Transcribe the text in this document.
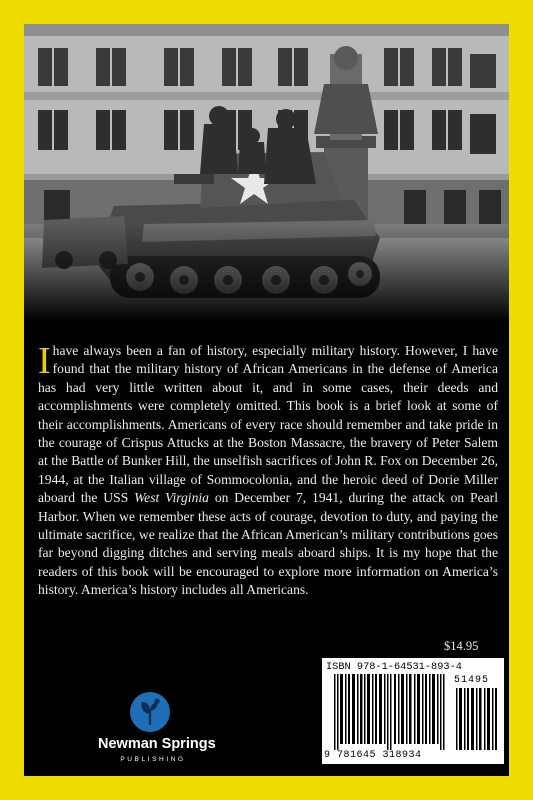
Ihave always been a fan of history, especially military history. However, I have found that the military history of African Americans in the defense of America has had very little written about it, and in some cases, their deeds and accomplishments were completely omitted. This book is a brief look at some of their accomplishments. Americans of every race should remember and take pride in the courage of Crispus Attucks at the Boston Massacre, the bravery of Peter Salem at the Battle of Bunker Hill, the unselfish sacrifices of John R. Fox on December 26, 1944, at the Italian village of Sommocolonia, and the heroic deed of Dorie Miller aboard the USS West Virginia on December 7, 1941, during the attack on Pearl Harbor. When we remember these acts of courage, devotion to duty, and paying the ultimate sacrifice, we realize that the African American’s military contributions goes far beyond digging ditches and serving meals aboard ships. It is my hope that the readers of this book will be encouraged to explore more information on America’s history. America’s history includes all Americans.

Newman Springs
PUBLISHING
$14.95
ISBN 978-1-64531-893-4
51495
9 781645 318934
